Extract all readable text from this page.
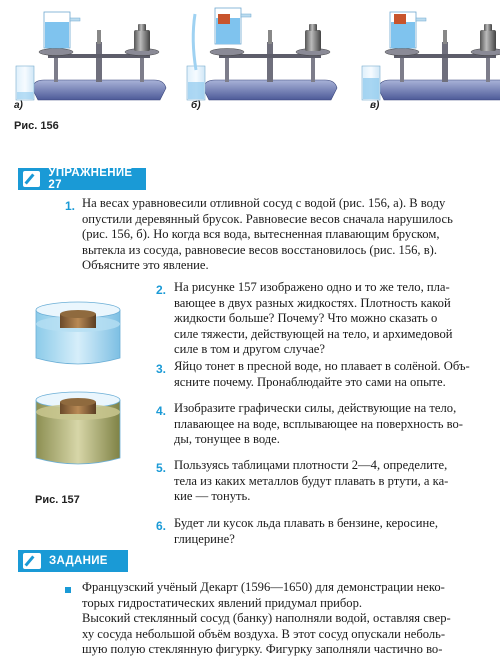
а)	б)	в)
Рис. 156
УПРАЖНЕНИЕ 27
1. На весах уравновесили отливной сосуд с водой (рис. 156, а). В воду
опустили деревянный брусок. Равновесие весов сначала нарушилось
(рис. 156, б). Но когда вся вода, вытесненная плавающим бруском,
вытекла из сосуда, равновесие весов восстановилось (рис. 156, в).
Объясните это явление.
Рис. 157
2. На рисунке 157 изображено одно и то же тело, пла-
вающее в двух разных жидкостях. Плотность какой
жидкости больше? Почему? Что можно сказать о
силе тяжести, действующей на тело, и архимедовой
силе в том и другом случае?
3. Яйцо тонет в пресной воде, но плавает в солёной. Объ-
ясните почему. Пронаблюдайте это сами на опыте.
4. Изобразите графически силы, действующие на тело,
плавающее на воде, всплывающее на поверхность во-
ды, тонущее в воде.
5. Пользуясь таблицами плотности 2—4, определите,
тела из каких металлов будут плавать в ртути, а ка-
кие — тонуть.
6. Будет ли кусок льда плавать в бензине, керосине,
глицерине?
ЗАДАНИЕ
Французский учёный Декарт (1596—1650) для демонстрации неко-
торых гидростатических явлений придумал прибор.
Высокий стеклянный сосуд (банку) наполняли водой, оставляя свер-
ху сосуда небольшой объём воздуха. В этот сосуд опускали неболь-
шую полую стеклянную фигурку. Фигурку заполняли частично во-
